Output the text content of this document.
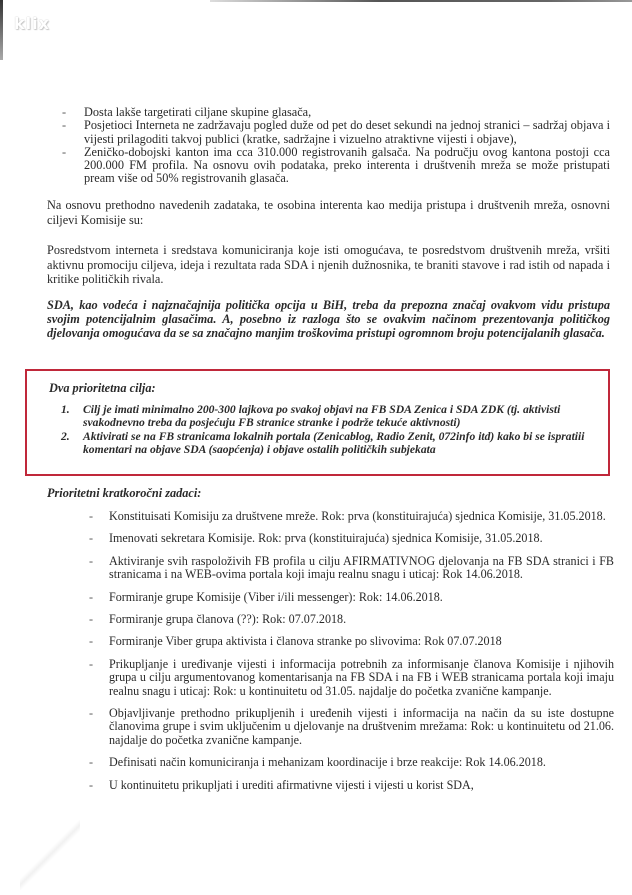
klix
- Dosta lakše targetirati ciljane skupine glasača,
- Posjetioci Interneta ne zadržavaju pogled duže od pet do deset sekundi na jednoj stranici – sadržaj objava i vijesti prilagoditi takvoj publici (kratke, sadržajne i vizuelno atraktivne vijesti i objave),
- Zeničko-dobojski kanton ima cca 310.000 registrovanih galsača. Na području ovog kantona postoji cca 200.000 FM profila. Na osnovu ovih podataka, preko interenta i društvenih mreža se može pristupati pream više od 50% registrovanih glasača.

Na osnovu prethodno navedenih zadataka, te osobina interenta kao medija pristupa i društvenih mreža, osnovni ciljevi Komisije su:

Posredstvom interneta i sredstava komuniciranja koje isti omogućava, te posredstvom društvenih mreža, vršiti aktivnu promociju ciljeva, ideja i rezultata rada SDA i njenih dužnosnika, te braniti stavove i rad istih od napada i kritike političkih rivala.

SDA, kao vodeća i najznačajnija politička opcija u BiH, treba da prepozna značaj ovakvom vidu pristupa svojim potencijalnim glasačima. A, posebno iz razloga što se ovakvim načinom prezentovanja političkog djelovanja omogućava da se sa značajno manjim troškovima pristupi ogromnom broju potencijalanih glasača.

Dva prioritetna cilja:
1. Cilj je imati minimalno 200-300 lajkova po svakoj objavi na FB SDA Zenica i SDA ZDK (tj. aktivisti svakodnevno treba da posjećuju FB stranice stranke i podrže tekuće aktivnosti)
2. Aktivirati se na FB stranicama lokalnih portala (Zenicablog, Radio Zenit, 072info itd) kako bi se ispratiii komentari na objave SDA (saopćenja) i objave ostalih političkih subjekata
Prioritetni kratkoročni zadaci:
- Konstituisati Komisiju za društvene mreže. Rok: prva (konstituirajuća) sjednica Komisije, 31.05.2018.
- Imenovati sekretara Komisije. Rok: prva (konstituirajuća) sjednica Komisije, 31.05.2018.
- Aktiviranje svih raspoloživih FB profila u cilju AFIRMATIVNOG djelovanja na FB SDA stranici i FB stranicama i na WEB-ovima portala koji imaju realnu snagu i uticaj: Rok 14.06.2018.
- Formiranje grupe Komisije (Viber i/ili messenger): Rok: 14.06.2018.
- Formiranje grupa članova (??): Rok: 07.07.2018.
- Formiranje Viber grupa aktivista i članova stranke po slivovima: Rok 07.07.2018
- Prikupljanje i uređivanje vijesti i informacija potrebnih za informisanje članova Komisije i njihovih grupa u cilju argumentovanog komentarisanja na FB SDA i na FB i WEB stranicama portala koji imaju realnu snagu i uticaj: Rok: u kontinuitetu od 31.05. najdalje do početka zvanične kampanje.
- Objavljivanje prethodno prikupljenih i uređenih vijesti i informacija na način da su iste dostupne članovima grupe i svim uključenim u djelovanje na društvenim mrežama: Rok: u kontinuitetu od 21.06. najdalje do početka zvanične kampanje.
- Definisati način komuniciranja i mehanizam koordinacije i brze reakcije: Rok 14.06.2018.
- U kontinuitetu prikupljati i urediti afirmativne vijesti i vijesti u korist SDA,
